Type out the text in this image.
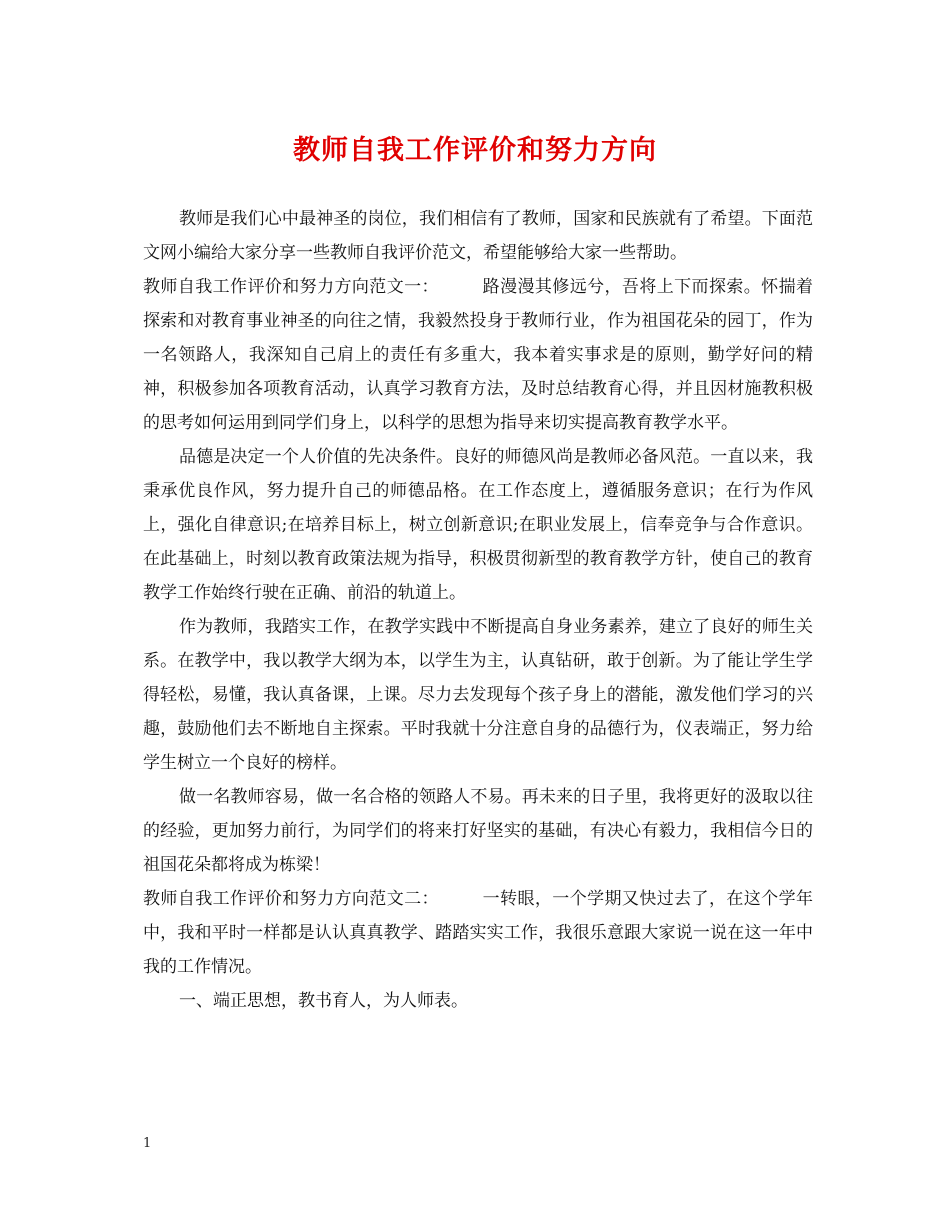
教师自我工作评价和努力方向

教师是我们心中最神圣的岗位，我们相信有了教师，国家和民族就有了希望。下面范文网小编给大家分享一些教师自我评价范文，希望能够给大家一些帮助。

教师自我工作评价和努力方向范文一：　　　路漫漫其修远兮，吾将上下而探索。怀揣着探索和对教育事业神圣的向往之情，我毅然投身于教师行业，作为祖国花朵的园丁，作为一名领路人，我深知自己肩上的责任有多重大，我本着实事求是的原则，勤学好问的精神，积极参加各项教育活动，认真学习教育方法，及时总结教育心得，并且因材施教积极的思考如何运用到同学们身上，以科学的思想为指导来切实提高教育教学水平。

品德是决定一个人价值的先决条件。良好的师德风尚是教师必备风范。一直以来，我秉承优良作风，努力提升自己的师德品格。在工作态度上，遵循服务意识；在行为作风上，强化自律意识;在培养目标上，树立创新意识;在职业发展上，信奉竞争与合作意识。在此基础上，时刻以教育政策法规为指导，积极贯彻新型的教育教学方针，使自己的教育教学工作始终行驶在正确、前沿的轨道上。

作为教师，我踏实工作，在教学实践中不断提高自身业务素养，建立了良好的师生关系。在教学中，我以教学大纲为本，以学生为主，认真钻研，敢于创新。为了能让学生学得轻松，易懂，我认真备课，上课。尽力去发现每个孩子身上的潜能，激发他们学习的兴趣，鼓励他们去不断地自主探索。平时我就十分注意自身的品德行为，仪表端正，努力给学生树立一个良好的榜样。

做一名教师容易，做一名合格的领路人不易。再未来的日子里，我将更好的汲取以往的经验，更加努力前行，为同学们的将来打好坚实的基础，有决心有毅力，我相信今日的祖国花朵都将成为栋梁！

教师自我工作评价和努力方向范文二：　　　一转眼，一个学期又快过去了，在这个学年中，我和平时一样都是认认真真教学、踏踏实实工作，我很乐意跟大家说一说在这一年中我的工作情况。

一、端正思想，教书育人，为人师表。

1
